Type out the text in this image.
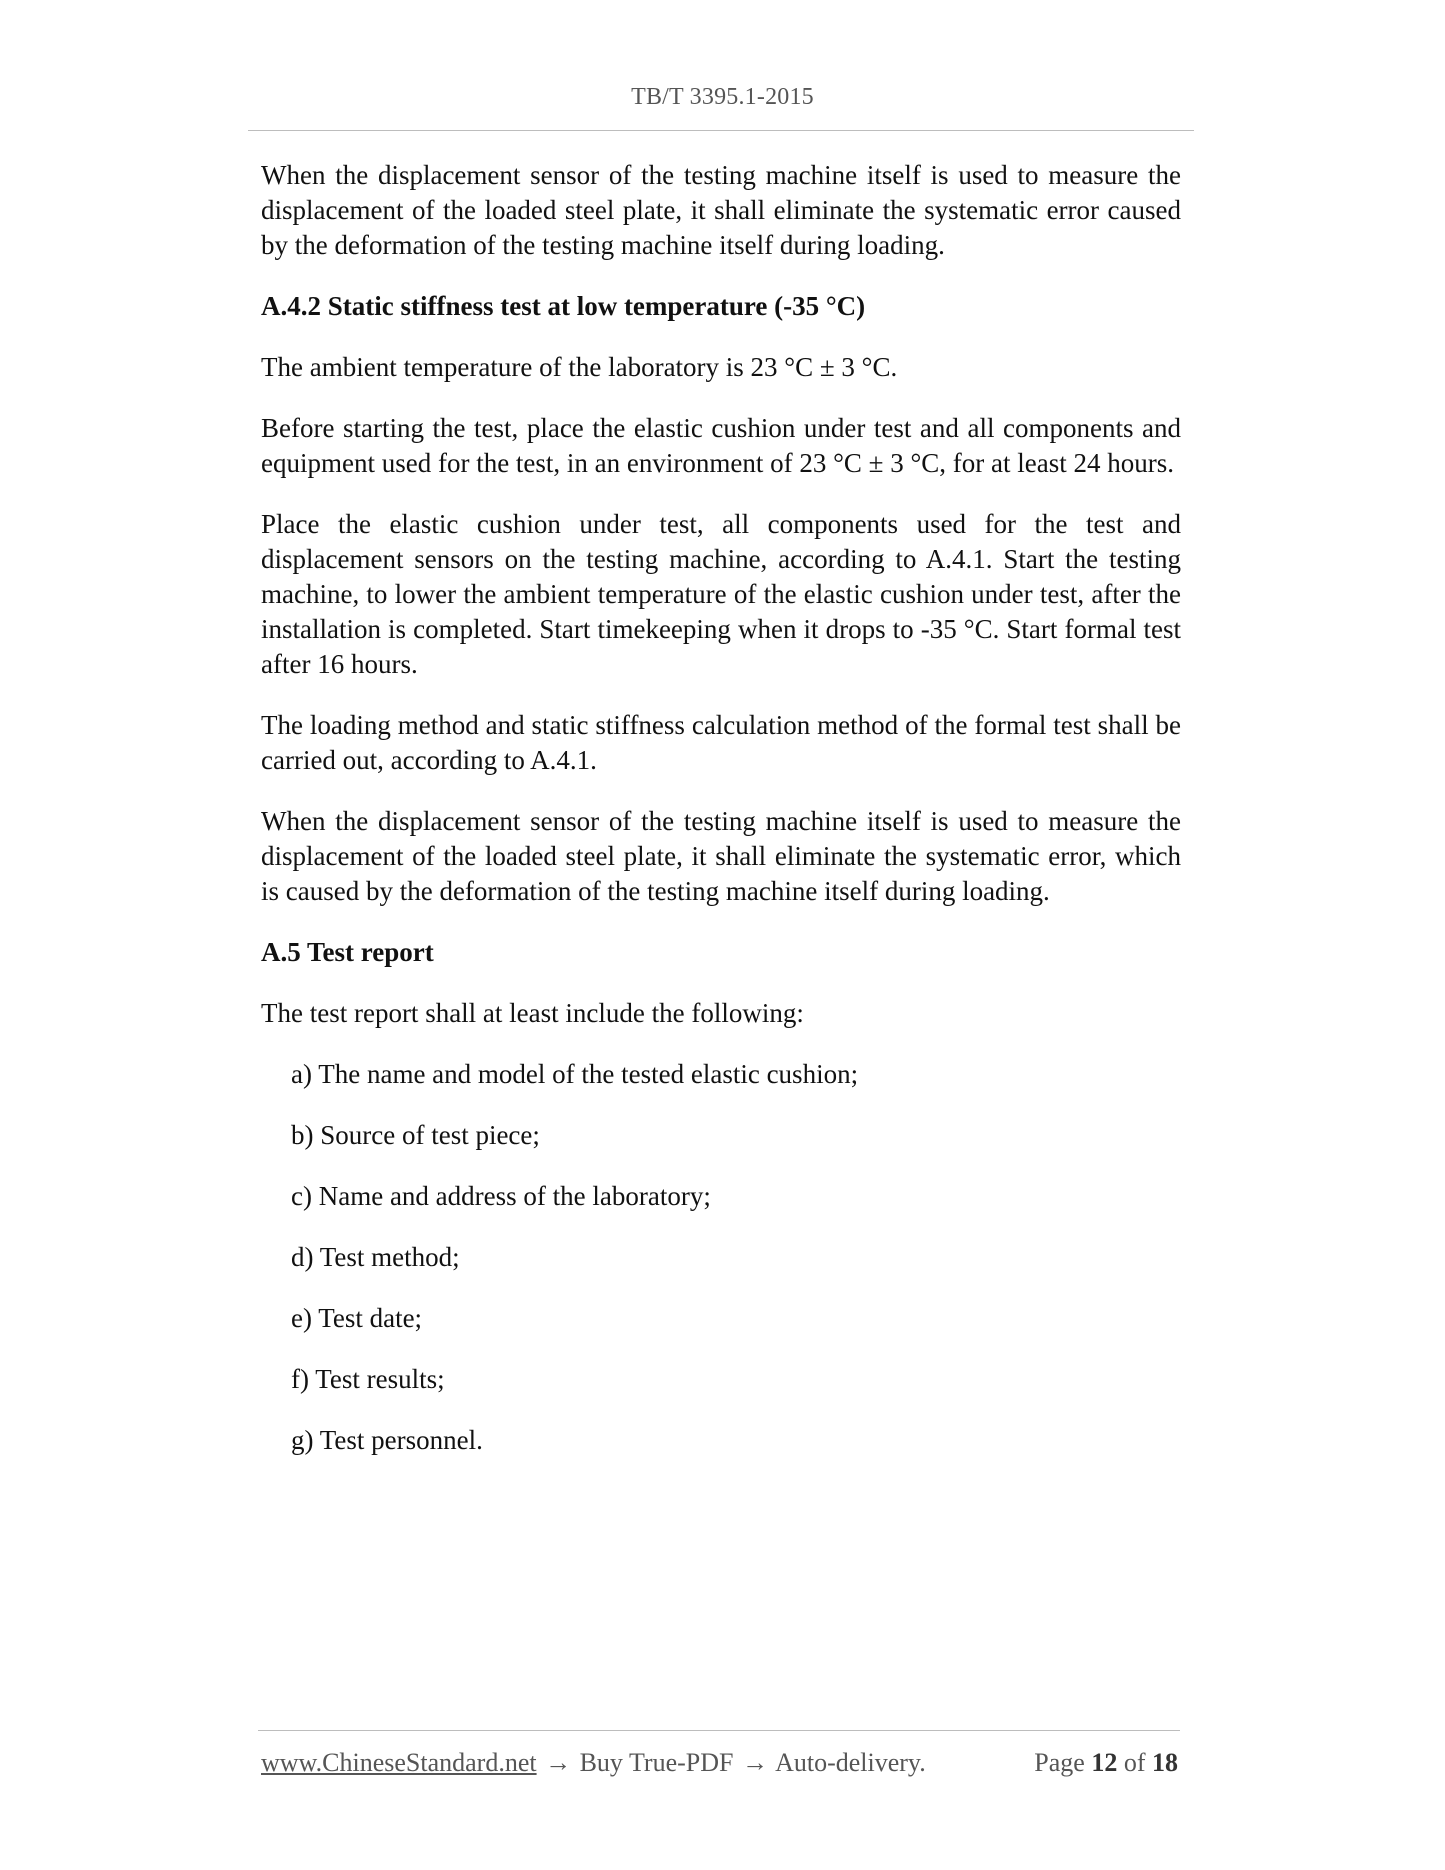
TB/T 3395.1-2015

When the displacement sensor of the testing machine itself is used to measure the displacement of the loaded steel plate, it shall eliminate the systematic error caused by the deformation of the testing machine itself during loading.

A.4.2 Static stiffness test at low temperature (-35 °C)

The ambient temperature of the laboratory is 23 °C ± 3 °C.

Before starting the test, place the elastic cushion under test and all components and equipment used for the test, in an environment of 23 °C ± 3 °C, for at least 24 hours.

Place the elastic cushion under test, all components used for the test and displacement sensors on the testing machine, according to A.4.1. Start the testing machine, to lower the ambient temperature of the elastic cushion under test, after the installation is completed. Start timekeeping when it drops to -35 °C. Start formal test after 16 hours.

The loading method and static stiffness calculation method of the formal test shall be carried out, according to A.4.1.

When the displacement sensor of the testing machine itself is used to measure the displacement of the loaded steel plate, it shall eliminate the systematic error, which is caused by the deformation of the testing machine itself during loading.

A.5 Test report

The test report shall at least include the following:

a) The name and model of the tested elastic cushion;

b) Source of test piece;

c) Name and address of the laboratory;

d) Test method;

e) Test date;

f) Test results;

g) Test personnel.

www.ChineseStandard.net → Buy True-PDF → Auto-delivery.	Page 12 of 18
